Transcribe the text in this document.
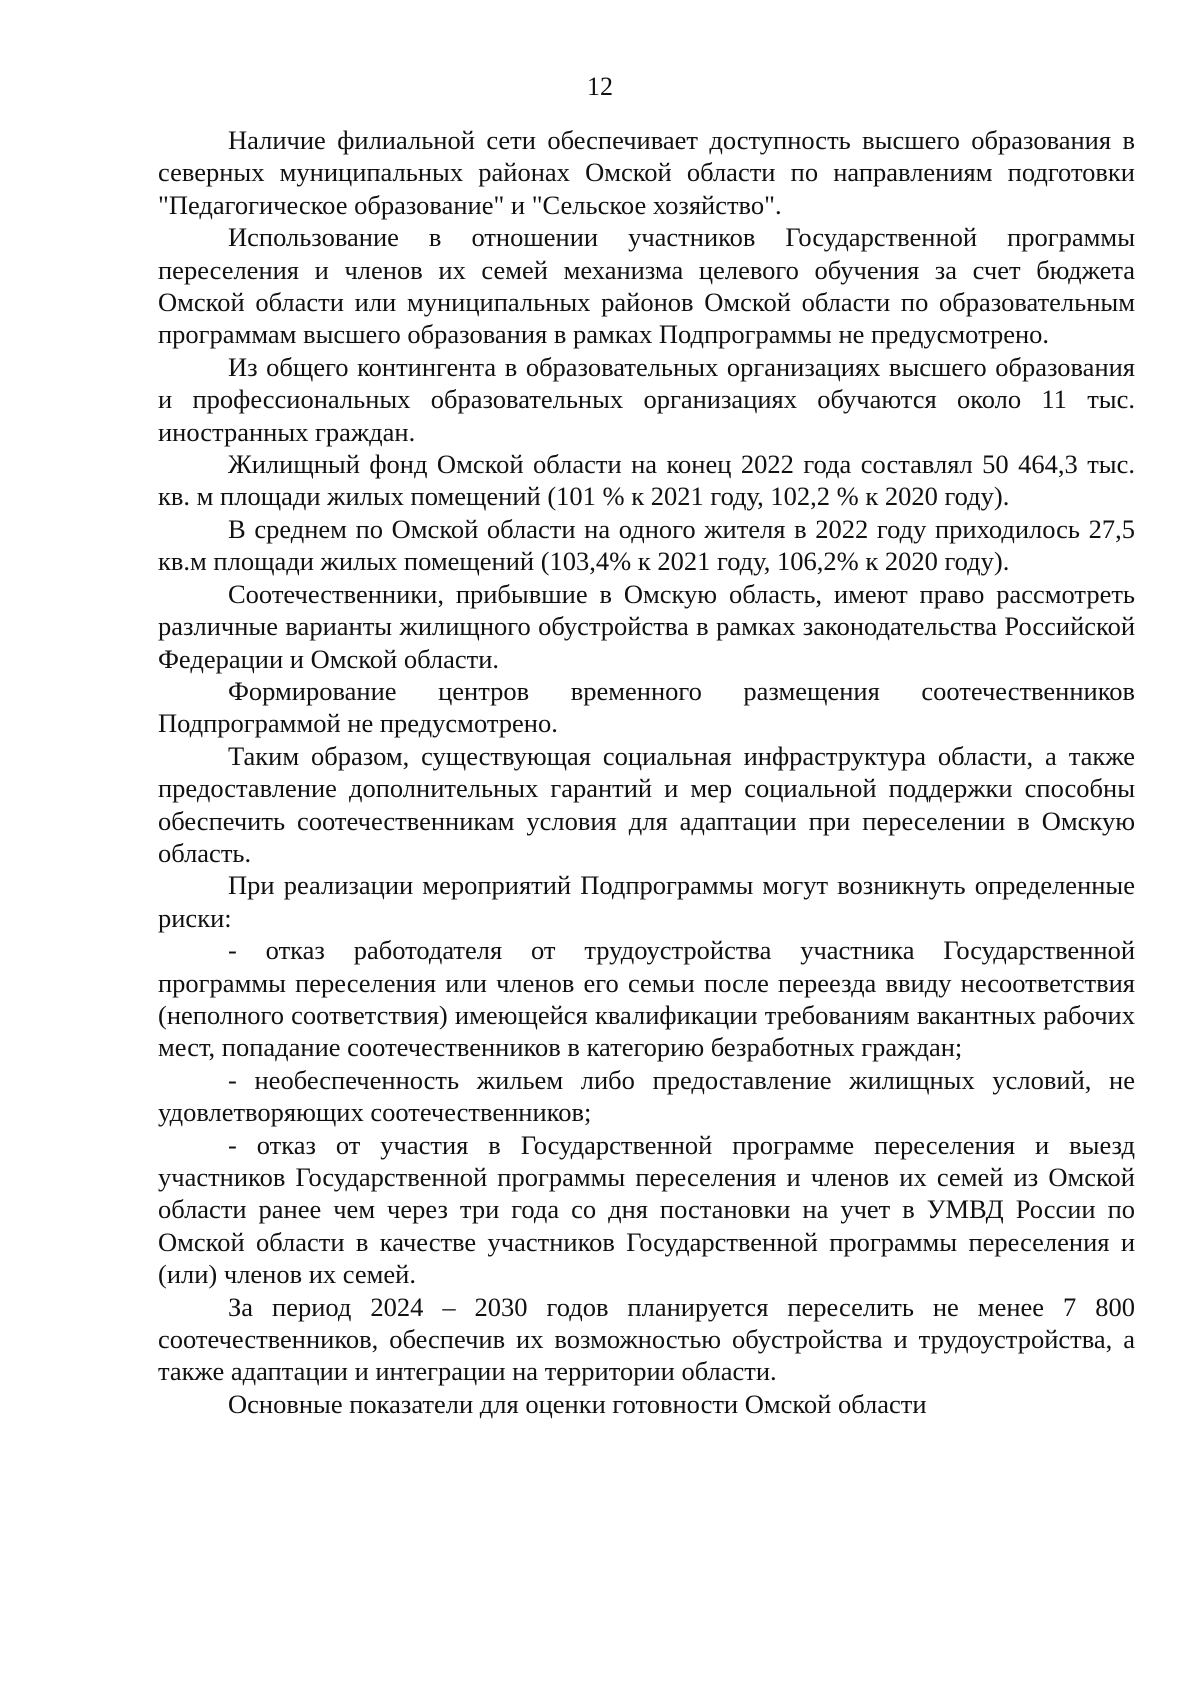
12

Наличие филиальной сети обеспечивает доступность высшего образования в северных муниципальных районах Омской области по направлениям подготовки "Педагогическое образование" и "Сельское хозяйство".

Использование в отношении участников Государственной программы переселения и членов их семей механизма целевого обучения за счет бюджета Омской области или муниципальных районов Омской области по образовательным программам высшего образования в рамках Подпрограммы не предусмотрено.

Из общего контингента в образовательных организациях высшего образования и профессиональных образовательных организациях обучаются около 11 тыс. иностранных граждан.

Жилищный фонд Омской области на конец 2022 года составлял 50 464,3 тыс. кв. м площади жилых помещений (101 % к 2021 году, 102,2 % к 2020 году).

В среднем по Омской области на одного жителя в 2022 году приходилось 27,5 кв.м площади жилых помещений (103,4% к 2021 году, 106,2% к 2020 году).

Соотечественники, прибывшие в Омскую область, имеют право рассмотреть различные варианты жилищного обустройства в рамках законодательства Российской Федерации и Омской области.

Формирование центров временного размещения соотечественников Подпрограммой не предусмотрено.

Таким образом, существующая социальная инфраструктура области, а также предоставление дополнительных гарантий и мер социальной поддержки способны обеспечить соотечественникам условия для адаптации при переселении в Омскую область.

При реализации мероприятий Подпрограммы могут возникнуть определенные риски:

- отказ работодателя от трудоустройства участника Государственной программы переселения или членов его семьи после переезда ввиду несоответствия (неполного соответствия) имеющейся квалификации требованиям вакантных рабочих мест, попадание соотечественников в категорию безработных граждан;

- необеспеченность жильем либо предоставление жилищных условий, не удовлетворяющих соотечественников;

- отказ от участия в Государственной программе переселения и выезд участников Государственной программы переселения и членов их семей из Омской области ранее чем через три года со дня постановки на учет в УМВД России по Омской области в качестве участников Государственной программы переселения и (или) членов их семей.

За период 2024 – 2030 годов планируется переселить не менее 7 800 соотечественников, обеспечив их возможностью обустройства и трудоустройства, а также адаптации и интеграции на территории области.

Основные показатели для оценки готовности Омской области
